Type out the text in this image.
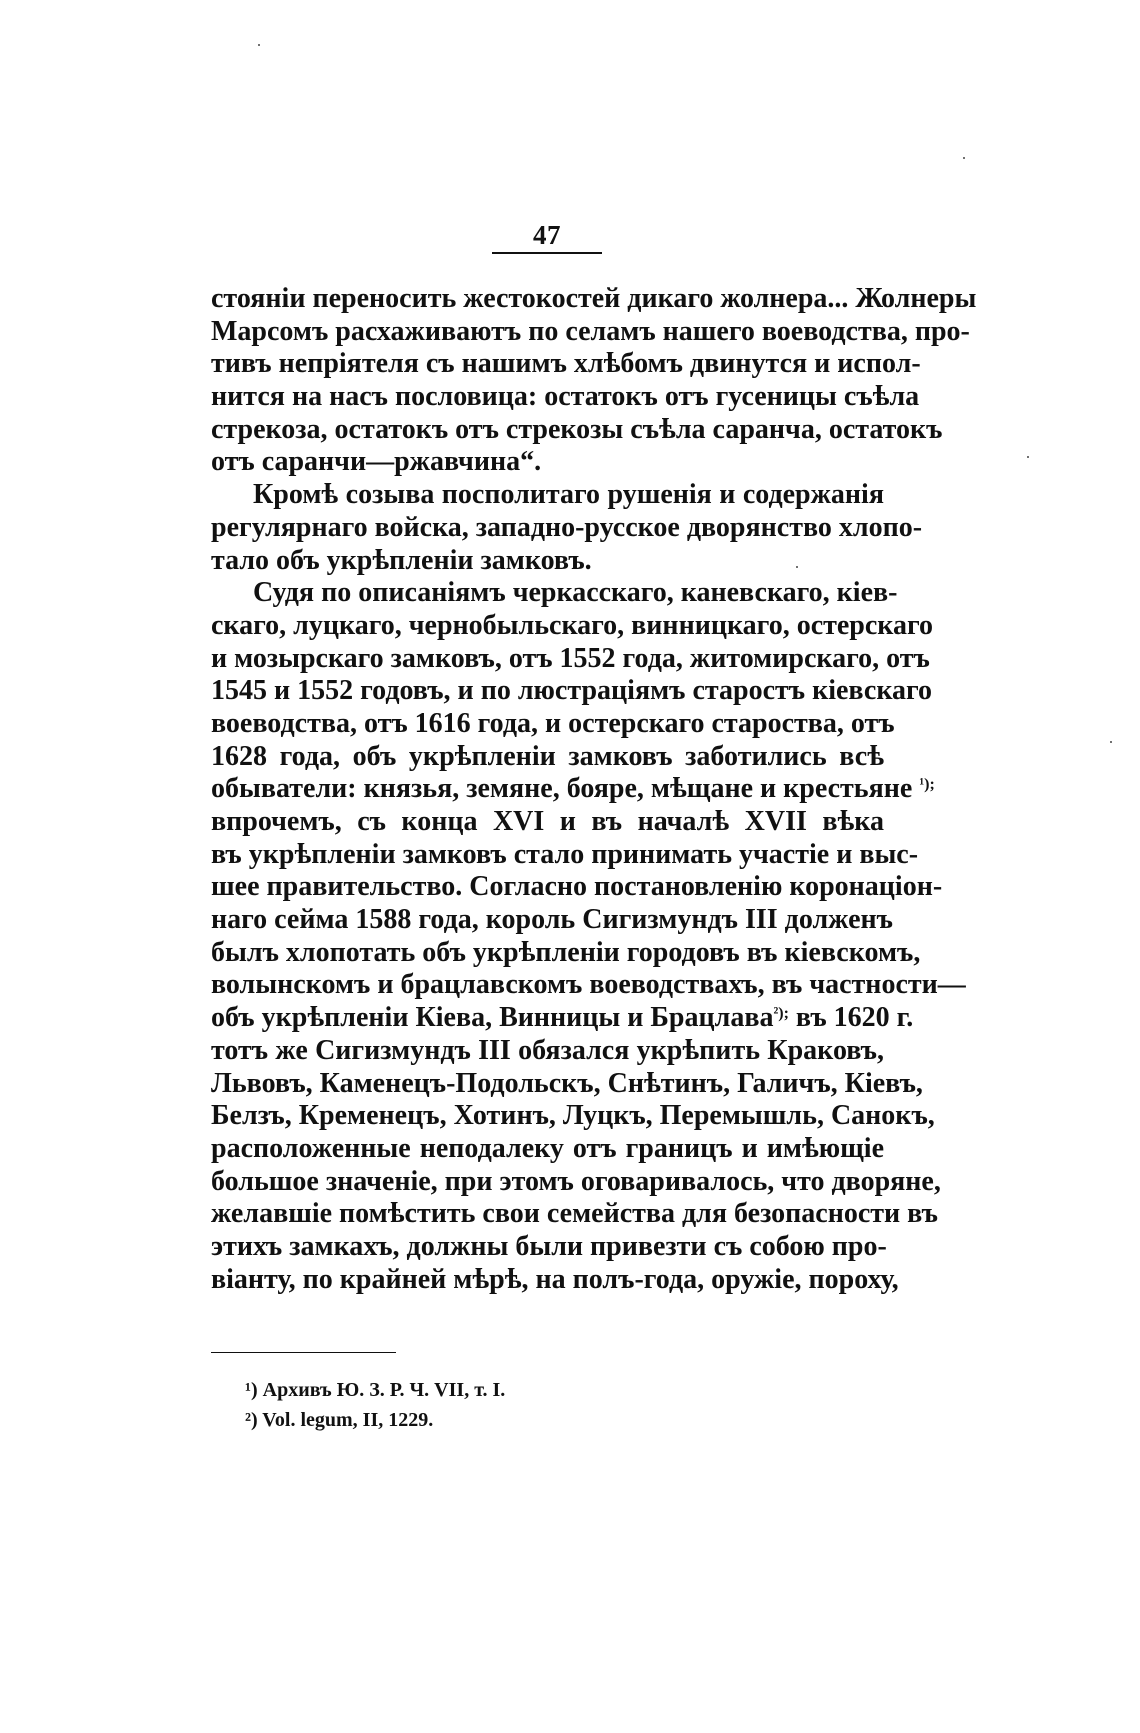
47
стояніи переносить жестокостей дикаго жолнера... Жолнеры
Марсомъ расхаживаютъ по селамъ нашего воеводства, про-
тивъ непріятеля съ нашимъ хлѣбомъ двинутся и испол-
нится на насъ пословица: остатокъ отъ гусеницы съѣла
стрекоза, остатокъ отъ стрекозы съѣла саранча, остатокъ
отъ саранчи—ржавчина“.
Кромѣ созыва посполитаго рушенія и содержанія
регулярнаго войска, западно-русское дворянство хлопо-
тало объ укрѣпленіи замковъ.
Судя по описаніямъ черкасскаго, каневскаго, кіев-
скаго, луцкаго, чернобыльскаго, винницкаго, остерскаго
и мозырскаго замковъ, отъ 1552 года, житомирскаго, отъ
1545 и 1552 годовъ, и по люстраціямъ старостъ кіевскаго
воеводства, отъ 1616 года, и остерскаго староства, отъ
1628 года, объ укрѣпленіи замковъ заботились всѣ
обыватели: князья, земяне, бояре, мѣщане и крестьяне $^{^1);}$
впрочемъ, съ конца XVI и въ началѣ XVII вѣка
въ укрѣпленіи замковъ стало принимать участіе и выс-
шее правительство. Согласно постановленію коронаціон-
наго сейма 1588 года, король Сигизмундъ III долженъ
былъ хлопотать объ укрѣпленіи городовъ въ кіевскомъ,
волынскомъ и брацлавскомъ воеводствахъ, въ частности—
объ укрѣпленіи Кіева, Винницы и Брацлава$^{^2);}$ въ 1620 г.
тотъ же Сигизмундъ III обязался укрѣпить Краковъ,
Львовъ, Каменецъ-Подольскъ, Снѣтинъ, Галичъ, Кіевъ,
Белзъ, Кременецъ, Хотинъ, Луцкъ, Перемышль, Санокъ,
расположенные неподалеку отъ границъ и имѣющіе
большое значеніе, при этомъ оговаривалось, что дворяне,
желавшіе помѣстить свои семейства для безопасности въ
этихъ замкахъ, должны были привезти съ собою про-
віанту, по крайней мѣрѣ, на полъ-года, оружіе, пороху,
¹) Архивъ Ю. З. Р. Ч. VII, т. I.
²) Vol. legum, II, 1229.
